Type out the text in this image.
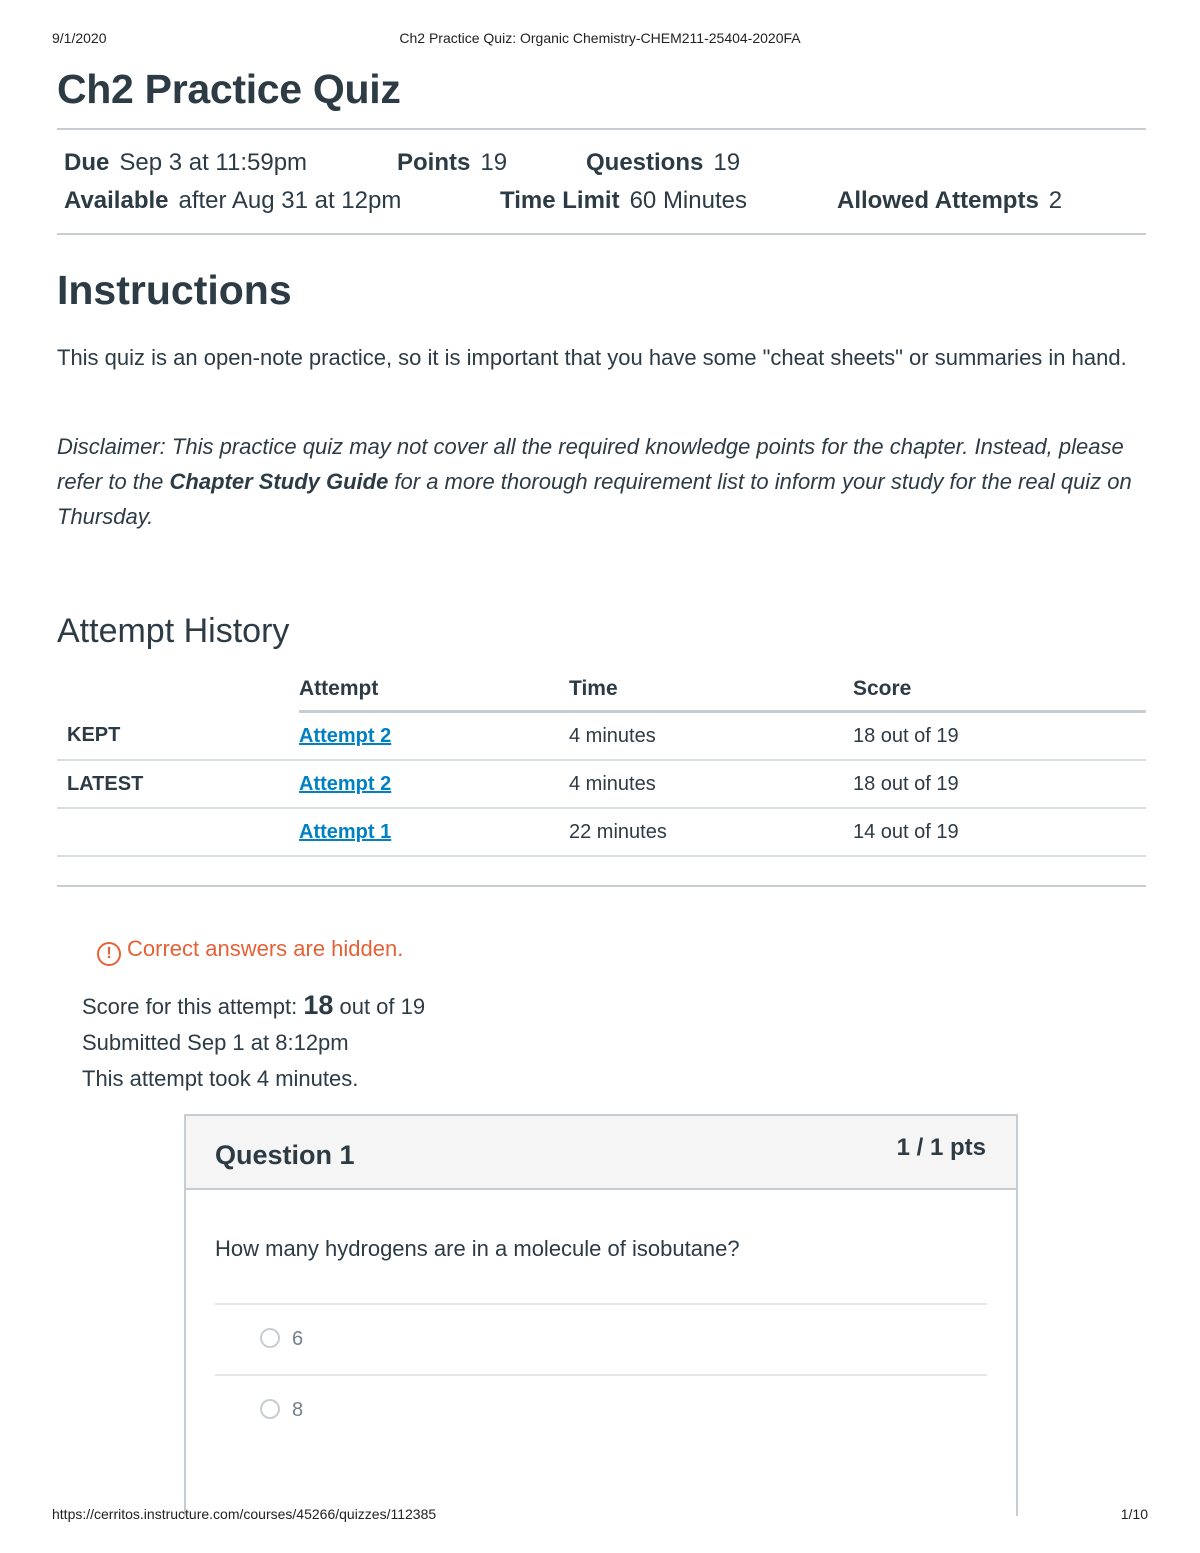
9/1/2020	Ch2 Practice Quiz: Organic Chemistry-CHEM211-25404-2020FA
Ch2 Practice Quiz
Due Sep 3 at 11:59pm	Points 19	Questions 19
Available after Aug 31 at 12pm	Time Limit 60 Minutes	Allowed Attempts 2
Instructions
This quiz is an open-note practice, so it is important that you have some "cheat sheets" or summaries in hand.
Disclaimer: This practice quiz may not cover all the required knowledge points for the chapter. Instead, please refer to the Chapter Study Guide for a more thorough requirement list to inform your study for the real quiz on Thursday.
Attempt History
	Attempt	Time	Score
KEPT	Attempt 2	4 minutes	18 out of 19
LATEST	Attempt 2	4 minutes	18 out of 19
	Attempt 1	22 minutes	14 out of 19
! Correct answers are hidden.
Score for this attempt: 18 out of 19
Submitted Sep 1 at 8:12pm
This attempt took 4 minutes.
Question 1	1 / 1 pts
How many hydrogens are in a molecule of isobutane?
6
8
https://cerritos.instructure.com/courses/45266/quizzes/112385	1/10
